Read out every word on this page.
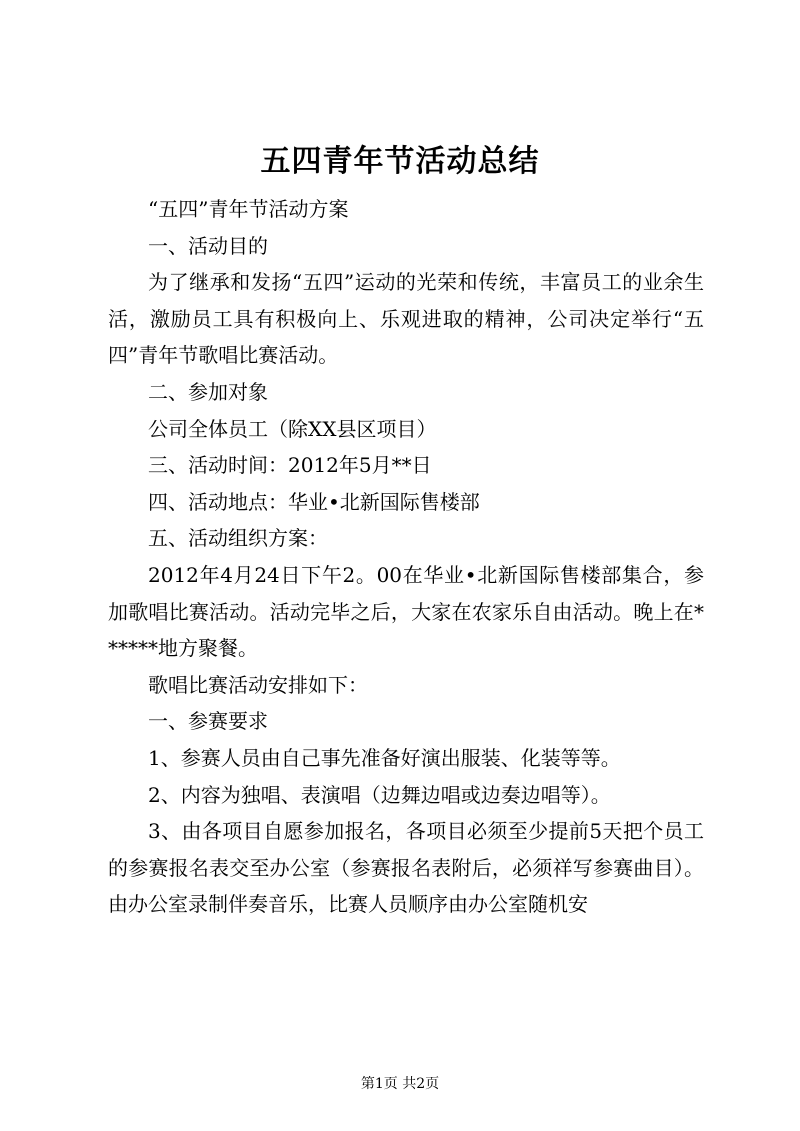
五四青年节活动总结

“五四”青年节活动方案

一、活动目的

为了继承和发扬“五四”运动的光荣和传统，丰富员工的业余生活，激励员工具有积极向上、乐观进取的精神，公司决定举行“五四”青年节歌唱比赛活动。

二、参加对象

公司全体员工（除XX县区项目）

三、活动时间：2012年5月**日

四、活动地点：华业•北新国际售楼部

五、活动组织方案：

2012年4月24日下午2。00在华业•北新国际售楼部集合，参加歌唱比赛活动。活动完毕之后，大家在农家乐自由活动。晚上在******地方聚餐。

歌唱比赛活动安排如下：

一、参赛要求

1、参赛人员由自己事先准备好演出服装、化装等等。

2、内容为独唱、表演唱（边舞边唱或边奏边唱等）。

3、由各项目自愿参加报名，各项目必须至少提前5天把个员工的参赛报名表交至办公室（参赛报名表附后，必须祥写参赛曲目）。由办公室录制伴奏音乐，比赛人员顺序由办公室随机安

第1页 共2页
